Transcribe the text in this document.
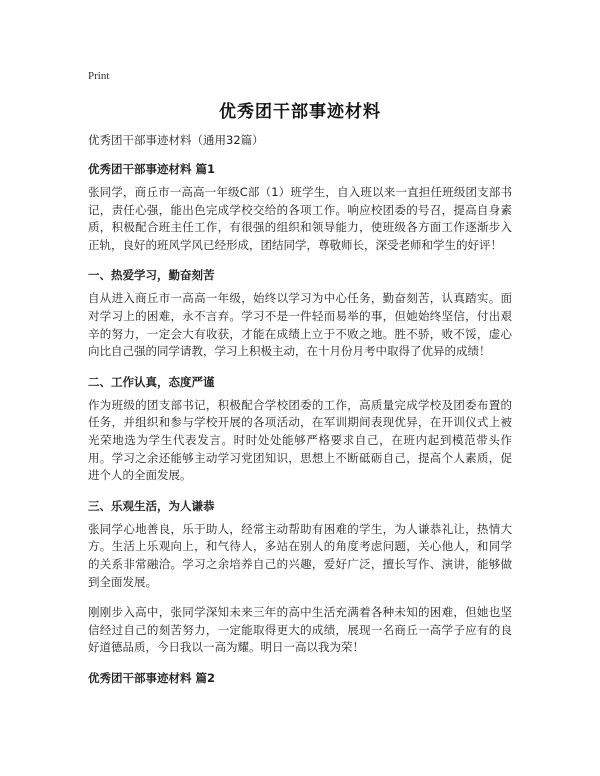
Print
优秀团干部事迹材料
优秀团干部事迹材料（通用32篇）
优秀团干部事迹材料 篇1
张同学，商丘市一高高一年级C部（1）班学生，自入班以来一直担任班级团支部书记，责任心强，能出色完成学校交给的各项工作。响应校团委的号召，提高自身素质，积极配合班主任工作，有很强的组织和领导能力，使班级各方面工作逐渐步入正轨，良好的班风学风已经形成，团结同学，尊敬师长，深受老师和学生的好评！
一、热爱学习，勤奋刻苦
自从进入商丘市一高高一年级，始终以学习为中心任务，勤奋刻苦，认真踏实。面对学习上的困难，永不言弃。学习不是一件轻而易举的事，但她始终坚信，付出艰辛的努力，一定会大有收获，才能在成绩上立于不败之地。胜不骄，败不馁，虚心向比自己强的同学请教，学习上积极主动，在十月份月考中取得了优异的成绩！
二、工作认真，态度严谨
作为班级的团支部书记，积极配合学校团委的工作，高质量完成学校及团委布置的任务，并组织和参与学校开展的各项活动，在军训期间表现优异，在开训仪式上被光荣地选为学生代表发言。时时处处能够严格要求自己，在班内起到模范带头作用。学习之余还能够主动学习党团知识，思想上不断砥砺自己，提高个人素质，促进个人的全面发展。
三、乐观生活，为人谦恭
张同学心地善良，乐于助人，经常主动帮助有困难的学生，为人谦恭礼让，热情大方。生活上乐观向上，和气待人，多站在别人的角度考虑问题，关心他人，和同学的关系非常融洽。学习之余培养自己的兴趣，爱好广泛，擅长写作、演讲，能够做到全面发展。
刚刚步入高中，张同学深知未来三年的高中生活充满着各种未知的困难，但她也坚信经过自己的刻苦努力，一定能取得更大的成绩，展现一名商丘一高学子应有的良好道德品质，今日我以一高为耀。明日一高以我为荣！
优秀团干部事迹材料 篇2
